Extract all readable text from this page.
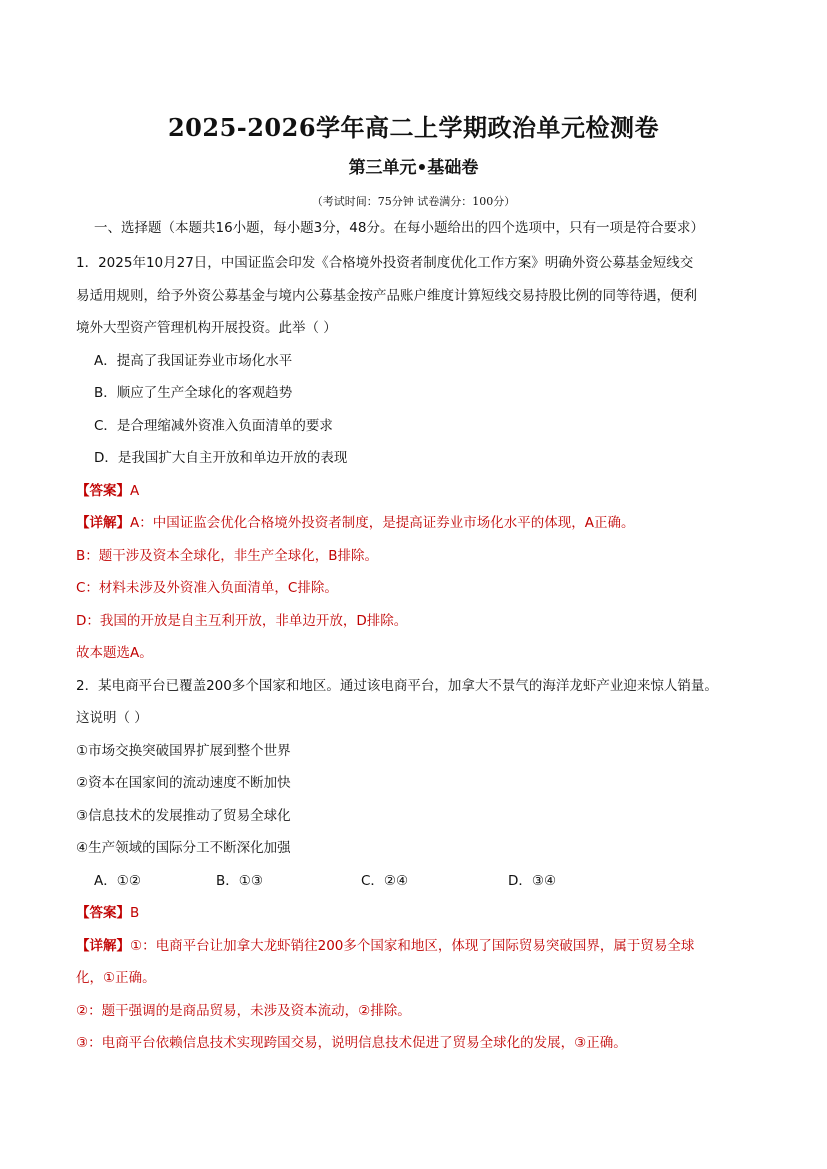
2025-2026学年高二上学期政治单元检测卷
第三单元•基础卷
（考试时间：75分钟 试卷满分：100分）
一、选择题（本题共16小题，每小题3分，48分。在每小题给出的四个选项中，只有一项是符合要求）
1．2025年10月27日，中国证监会印发《合格境外投资者制度优化工作方案》明确外资公募基金短线交
易适用规则，给予外资公募基金与境内公募基金按产品账户维度计算短线交易持股比例的同等待遇，便利
境外大型资产管理机构开展投资。此举（ ）
A．提高了我国证券业市场化水平
B．顺应了生产全球化的客观趋势
C．是合理缩减外资准入负面清单的要求
D．是我国扩大自主开放和单边开放的表现
【答案】A
【详解】A：中国证监会优化合格境外投资者制度，是提高证券业市场化水平的体现，A正确。
B：题干涉及资本全球化，非生产全球化，B排除。
C：材料未涉及外资准入负面清单，C排除。
D：我国的开放是自主互利开放，非单边开放，D排除。
故本题选A。
2．某电商平台已覆盖200多个国家和地区。通过该电商平台，加拿大不景气的海洋龙虾产业迎来惊人销量。
这说明（ ）
①市场交换突破国界扩展到整个世界
②资本在国家间的流动速度不断加快
③信息技术的发展推动了贸易全球化
④生产领域的国际分工不断深化加强
A．①②	B．①③	C．②④	D．③④
【答案】B
【详解】①：电商平台让加拿大龙虾销往200多个国家和地区，体现了国际贸易突破国界，属于贸易全球
化，①正确。
②：题干强调的是商品贸易，未涉及资本流动，②排除。
③：电商平台依赖信息技术实现跨国交易，说明信息技术促进了贸易全球化的发展，③正确。
